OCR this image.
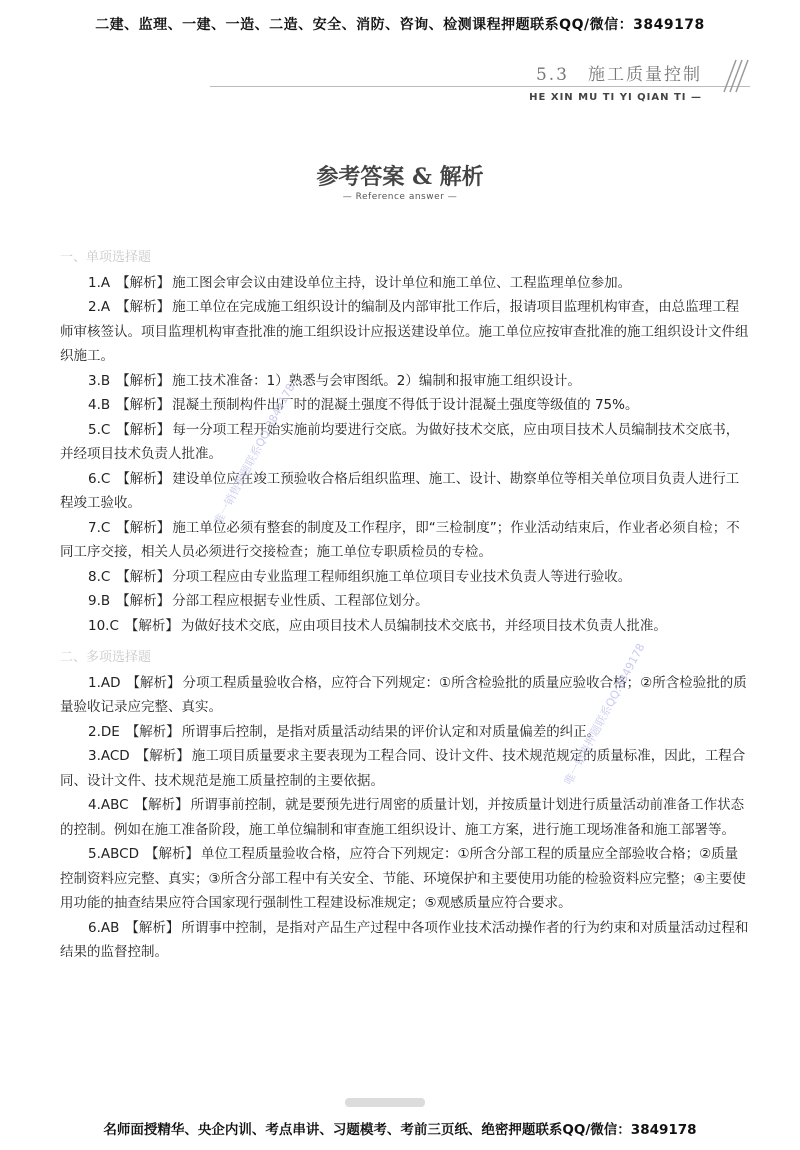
二建、监理、一建、一造、二造、安全、消防、咨询、检测课程押题联系QQ/微信：3849178
5.3　施工质量控制
HE XIN MU TI YI QIAN TI —
参考答案 & 解析
— Reference answer —

一、单项选择题

1.A 【解析】 施工图会审会议由建设单位主持，设计单位和施工单位、工程监理单位参加。

2.A 【解析】 施工单位在完成施工组织设计的编制及内部审批工作后，报请项目监理机构审查，由总监理工程师审核签认。项目监理机构审查批准的施工组织设计应报送建设单位。施工单位应按审查批准的施工组织设计文件组织施工。

3.B 【解析】 施工技术准备：1）熟悉与会审图纸。2）编制和报审施工组织设计。

4.B 【解析】 混凝土预制构件出厂时的混凝土强度不得低于设计混凝土强度等级值的 75%。

5.C 【解析】 每一分项工程开始实施前均要进行交底。为做好技术交底，应由项目技术人员编制技术交底书，并经项目技术负责人批准。

6.C 【解析】 建设单位应在竣工预验收合格后组织监理、施工、设计、勘察单位等相关单位项目负责人进行工程竣工验收。

7.C 【解析】 施工单位必须有整套的制度及工作程序，即“三检制度”；作业活动结束后，作业者必须自检；不同工序交接，相关人员必须进行交接检查；施工单位专职质检员的专检。

8.C 【解析】 分项工程应由专业监理工程师组织施工单位项目专业技术负责人等进行验收。

9.B 【解析】 分部工程应根据专业性质、工程部位划分。

10.C 【解析】 为做好技术交底，应由项目技术人员编制技术交底书，并经项目技术负责人批准。

二、多项选择题

1.AD 【解析】 分项工程质量验收合格，应符合下列规定：①所含检验批的质量应验收合格；②所含检验批的质量验收记录应完整、真实。

2.DE 【解析】 所谓事后控制，是指对质量活动结果的评价认定和对质量偏差的纠正。

3.ACD 【解析】 施工项目质量要求主要表现为工程合同、设计文件、技术规范规定的质量标准，因此，工程合同、设计文件、技术规范是施工质量控制的主要依据。

4.ABC 【解析】 所谓事前控制，就是要预先进行周密的质量计划，并按质量计划进行质量活动前准备工作状态的控制。例如在施工准备阶段，施工单位编制和审查施工组织设计、施工方案，进行施工现场准备和施工部署等。

5.ABCD 【解析】 单位工程质量验收合格，应符合下列规定：①所含分部工程的质量应全部验收合格；②质量控制资料应完整、真实；③所含分部工程中有关安全、节能、环境保护和主要使用功能的检验资料应完整；④主要使用功能的抽查结果应符合国家现行强制性工程建设标准规定；⑤观感质量应符合要求。

6.AB 【解析】 所谓事中控制，是指对产品生产过程中各项作业技术活动操作者的行为约束和对质量活动过程和结果的监督控制。

唯一销售押题联系QQ:3849178
唯一销售押题联系QQ:3849178
名师面授精华、央企内训、考点串讲、习题模考、考前三页纸、绝密押题联系QQ/微信：3849178
